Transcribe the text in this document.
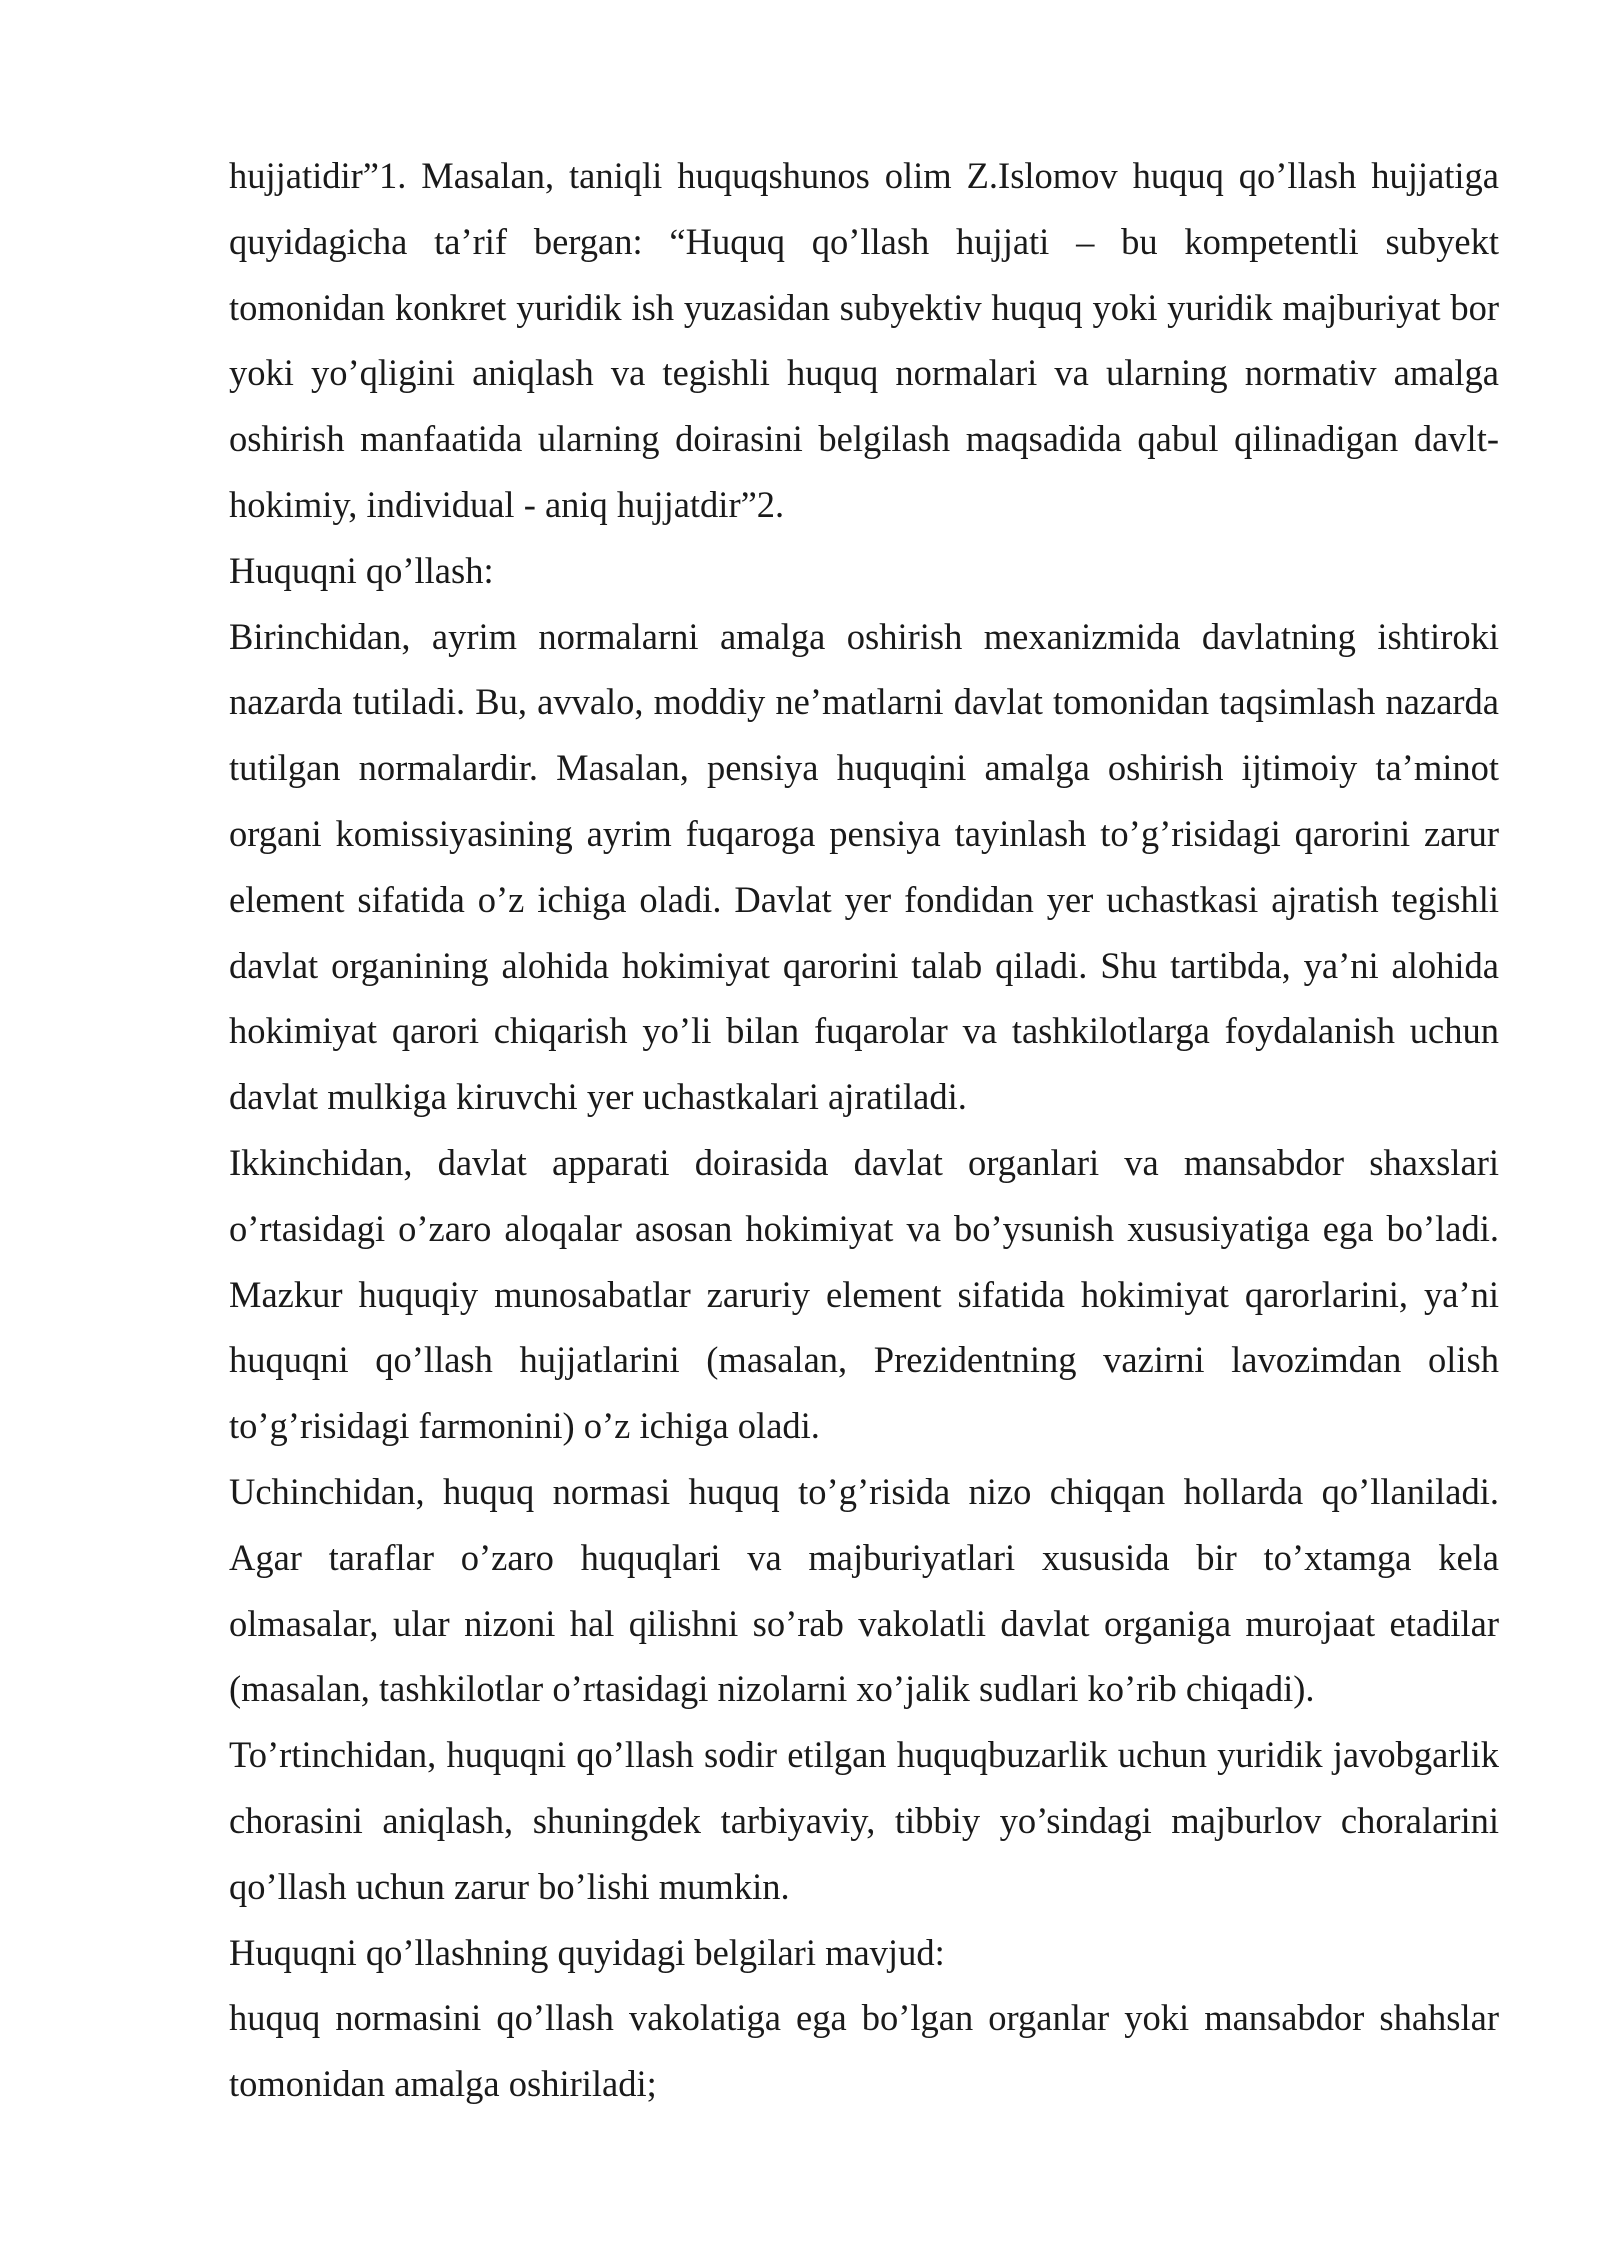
hujjatidir”1. Masalan, taniqli huquqshunos olim Z.Islomov huquq qo’llash hujjatiga quyidagicha ta’rif bergan: “Huquq qo’llash hujjati – bu kompetentli subyekt tomonidan konkret yuridik ish yuzasidan subyektiv huquq yoki yuridik majburiyat bor yoki yo’qligini aniqlash va tegishli huquq normalari va ularning normativ amalga oshirish manfaatida ularning doirasini belgilash maqsadida qabul qilinadigan davlt-hokimiy, individual - aniq hujjatdir”2.

Huquqni qo’llash:

Birinchidan, ayrim normalarni amalga oshirish mexanizmida davlatning ishtiroki nazarda tutiladi. Bu, avvalo, moddiy ne’matlarni davlat tomonidan taqsimlash nazarda tutilgan normalardir. Masalan, pensiya huquqini amalga oshirish ijtimoiy ta’minot organi komissiyasining ayrim fuqaroga pensiya tayinlash to’g’risidagi qarorini zarur element sifatida o’z ichiga oladi. Davlat yer fondidan yer uchastkasi ajratish tegishli davlat organining alohida hokimiyat qarorini talab qiladi. Shu tartibda, ya’ni alohida hokimiyat qarori chiqarish yo’li bilan fuqarolar va tashkilotlarga foydalanish uchun davlat mulkiga kiruvchi yer uchastkalari ajratiladi.

Ikkinchidan, davlat apparati doirasida davlat organlari va mansabdor shaxslari o’rtasidagi o’zaro aloqalar asosan hokimiyat va bo’ysunish xususiyatiga ega bo’ladi. Mazkur huquqiy munosabatlar zaruriy element sifatida hokimiyat qarorlarini, ya’ni huquqni qo’llash hujjatlarini (masalan, Prezidentning vazirni lavozimdan olish to’g’risidagi farmonini) o’z ichiga oladi.

Uchinchidan, huquq normasi huquq to’g’risida nizo chiqqan hollarda qo’llaniladi. Agar taraflar o’zaro huquqlari va majburiyatlari xususida bir to’xtamga kela olmasalar, ular nizoni hal qilishni so’rab vakolatli davlat organiga murojaat etadilar (masalan, tashkilotlar o’rtasidagi nizolarni xo’jalik sudlari ko’rib chiqadi).

To’rtinchidan, huquqni qo’llash sodir etilgan huquqbuzarlik uchun yuridik javobgarlik chorasini aniqlash, shuningdek tarbiyaviy, tibbiy yo’sindagi majburlov choralarini qo’llash uchun zarur bo’lishi mumkin.

Huquqni qo’llashning quyidagi belgilari mavjud:

huquq normasini qo’llash vakolatiga ega bo’lgan organlar yoki mansabdor shahslar tomonidan amalga oshiriladi;
